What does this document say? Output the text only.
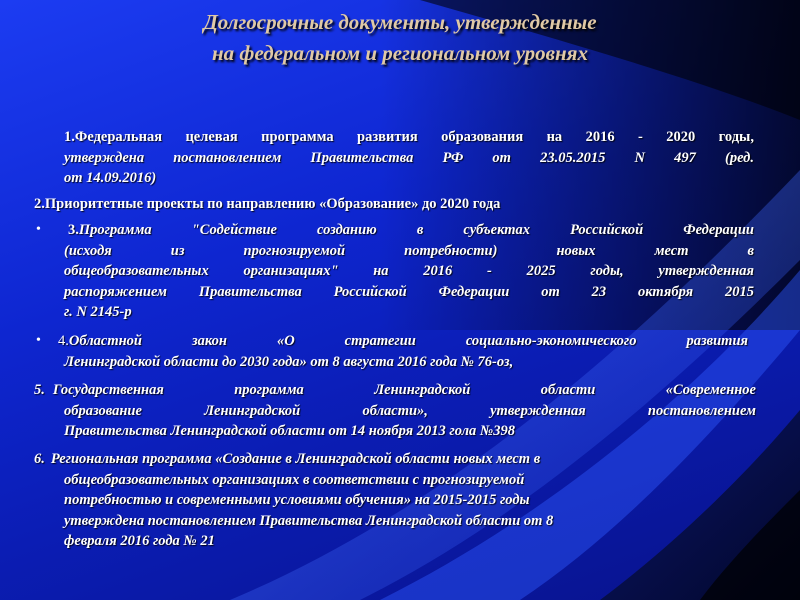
Долгосрочные документы, утвержденные
на федеральном и региональном уровнях
1.Федеральная целевая программа развития образования на 2016 - 2020 годы,
утверждена постановлением Правительства РФ от 23.05.2015 N 497 (ред.
от 14.09.2016)
2.Приоритетные проекты по направлению «Образование» до 2020 года
• 3.Программа "Содействие созданию в субъектах Российской Федерации
(исходя из прогнозируемой потребности) новых мест в
общеобразовательных организациях" на 2016 - 2025 годы, утвержденная
распоряжением Правительства Российской Федерации от 23 октября 2015
г. N 2145-р
• 4.Областной закон «О стратегии социально-экономического развития
Ленинградской области до 2030 года» от 8 августа 2016 года № 76-оз,
5. Государственная программа Ленинградской области «Современное
образование Ленинградской области», утвержденная постановлением
Правительства Ленинградской области от 14 ноября 2013 гола №398
6. Региональная программа «Создание в Ленинградской области новых мест в
общеобразовательных организациях в соответствии с прогнозируемой
потребностью и современными условиями обучения» на 2015-2015 годы
утверждена постановлением Правительства Ленинградской области от 8
февраля 2016 года № 21
